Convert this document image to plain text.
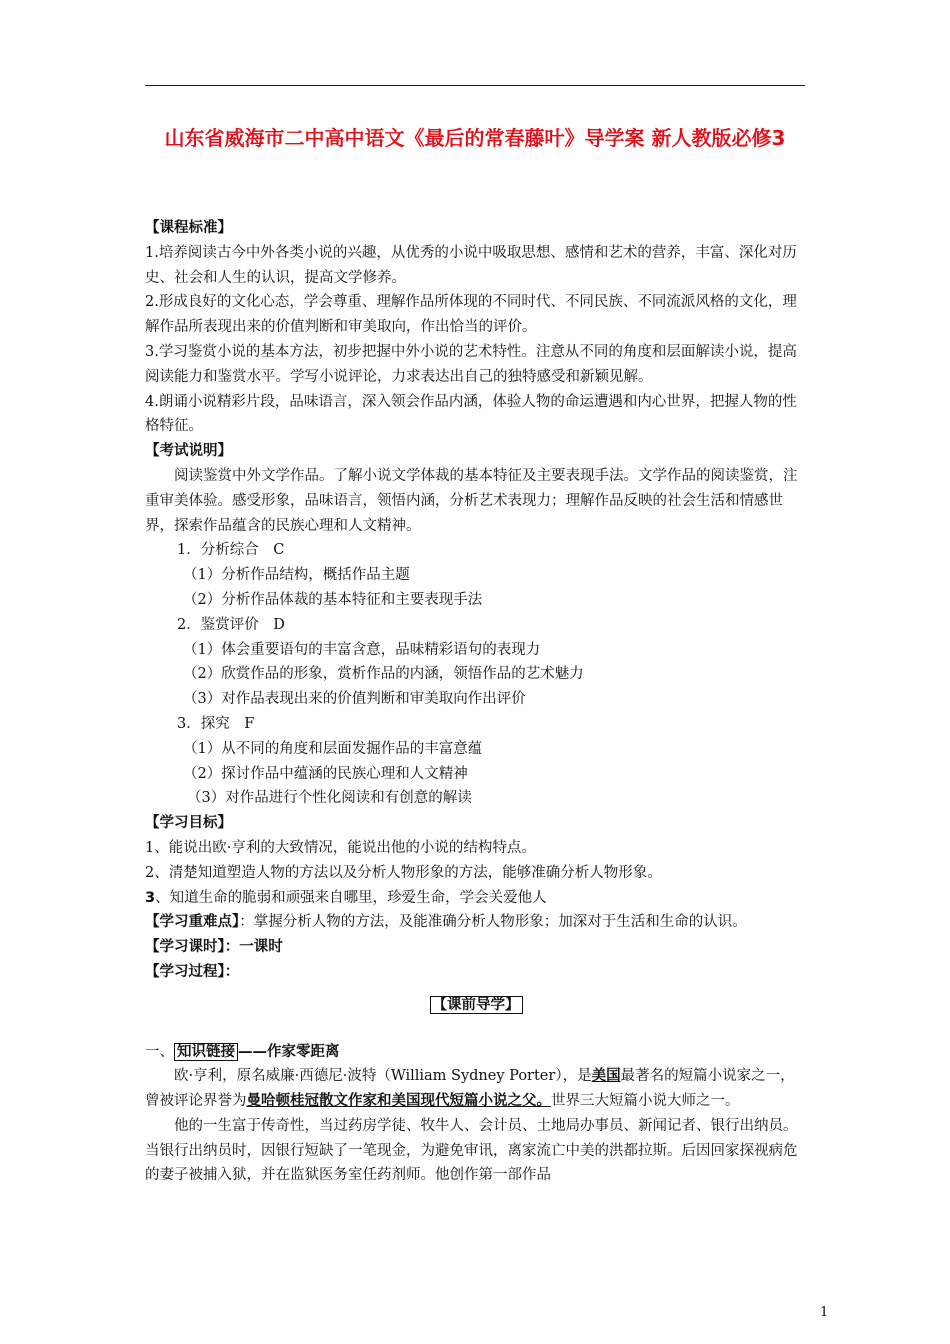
山东省威海市二中高中语文《最后的常春藤叶》导学案 新人教版必修3

【课程标准】

1.培养阅读古今中外各类小说的兴趣，从优秀的小说中吸取思想、感情和艺术的营养，丰富、深化对历史、社会和人生的认识，提高文学修养。

2.形成良好的文化心态，学会尊重、理解作品所体现的不同时代、不同民族、不同流派风格的文化，理解作品所表现出来的价值判断和审美取向，作出恰当的评价。

3.学习鉴赏小说的基本方法，初步把握中外小说的艺术特性。注意从不同的角度和层面解读小说，提高阅读能力和鉴赏水平。学写小说评论，力求表达出自己的独特感受和新颖见解。

4.朗诵小说精彩片段，品味语言，深入领会作品内涵，体验人物的命运遭遇和内心世界，把握人物的性格特征。

【考试说明】

阅读鉴赏中外文学作品。了解小说文学体裁的基本特征及主要表现手法。文学作品的阅读鉴赏，注重审美体验。感受形象，品味语言，领悟内涵，分析艺术表现力；理解作品反映的社会生活和情感世界，探索作品蕴含的民族心理和人文精神。

1．分析综合　C

（1）分析作品结构，概括作品主题

（2）分析作品体裁的基本特征和主要表现手法

2．鉴赏评价　D

（1）体会重要语句的丰富含意，品味精彩语句的表现力

（2）欣赏作品的形象，赏析作品的内涵，领悟作品的艺术魅力

（3）对作品表现出来的价值判断和审美取向作出评价

3．探究　F

（1）从不同的角度和层面发掘作品的丰富意蕴

（2）探讨作品中蕴涵的民族心理和人文精神

（3）对作品进行个性化阅读和有创意的解读

【学习目标】

1、能说出欧·亨利的大致情况，能说出他的小说的结构特点。

2、清楚知道塑造人物的方法以及分析人物形象的方法，能够准确分析人物形象。

3、知道生命的脆弱和顽强来自哪里，珍爱生命，学会关爱他人

【学习重难点】：掌握分析人物的方法，及能准确分析人物形象；加深对于生活和生命的认识。

【学习课时】：一课时

【学习过程】：

【课前导学】

一、 知识链接 ——作家零距离

欧·亨利，原名威廉·西德尼·波特（William Sydney Porter），是美国最著名的短篇小说家之一，曾被评论界誉为曼哈顿桂冠散文作家和美国现代短篇小说之父。世界三大短篇小说大师之一。

他的一生富于传奇性，当过药房学徒、牧牛人、会计员、土地局办事员、新闻记者、银行出纳员。当银行出纳员时，因银行短缺了一笔现金，为避免审讯，离家流亡中美的洪都拉斯。后因回家探视病危的妻子被捕入狱，并在监狱医务室任药剂师。他创作第一部作品

1
